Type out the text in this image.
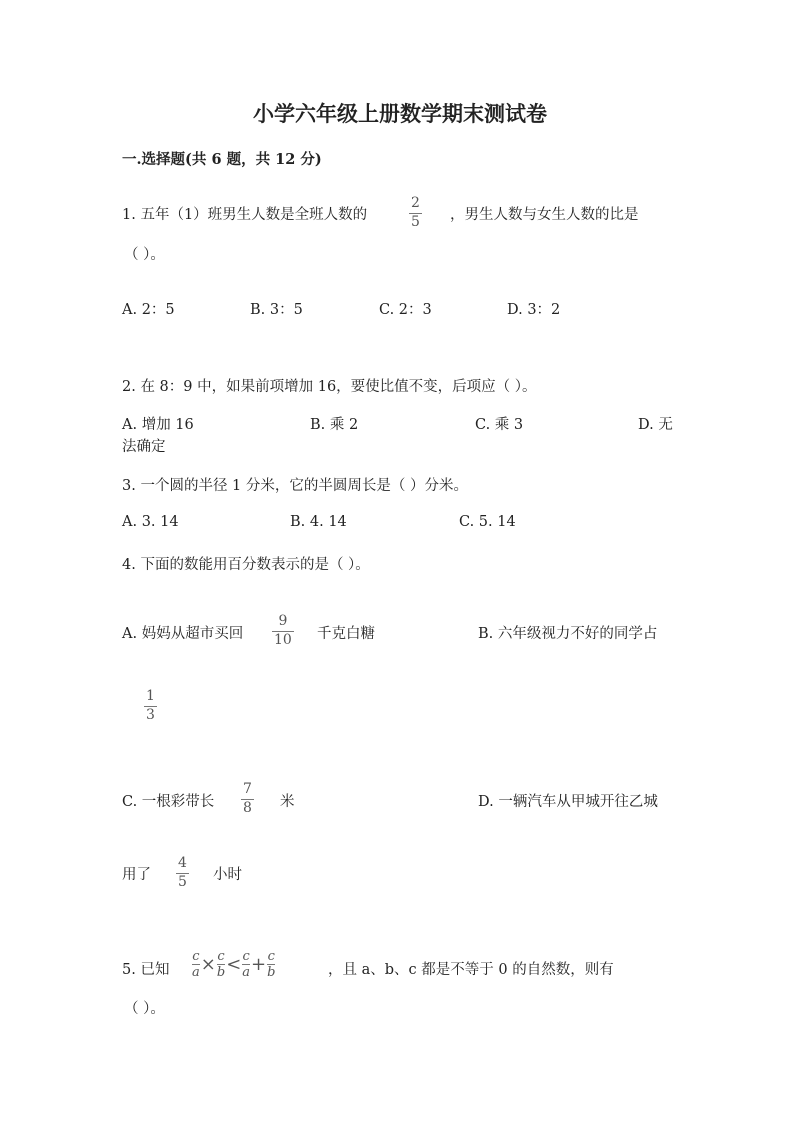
小学六年级上册数学期末测试卷
一.选择题(共 6 题，共 12 分)
1. 五年（1）班男生人数是全班人数的
2
5 ，男生人数与女生人数的比是
（ ）。
A. 2：5	B. 3：5	C. 2：3	D. 3：2
2. 在 8：9 中，如果前项增加 16，要使比值不变，后项应（ ）。
A. 增加 16	B. 乘 2	C. 乘 3	D. 无
法确定
3. 一个圆的半径 1 分米，它的半圆周长是（ ）分米。
A. 3. 14	B. 4. 14	C. 5. 14
4. 下面的数能用百分数表示的是（ ）。
A. 妈妈从超市买回
9
10 千克白糖	B. 六年级视力不好的同学占
1
3
C. 一根彩带长
7
8 米	D. 一辆汽车从甲城开往乙城
用了
4
5 小时
5. 已知 $\frac{c}{a} \times \frac{c}{b} < \frac{c}{a} + \frac{c}{b}$	，且 a、b、c 都是不等于 0 的自然数，则有
（ ）。
